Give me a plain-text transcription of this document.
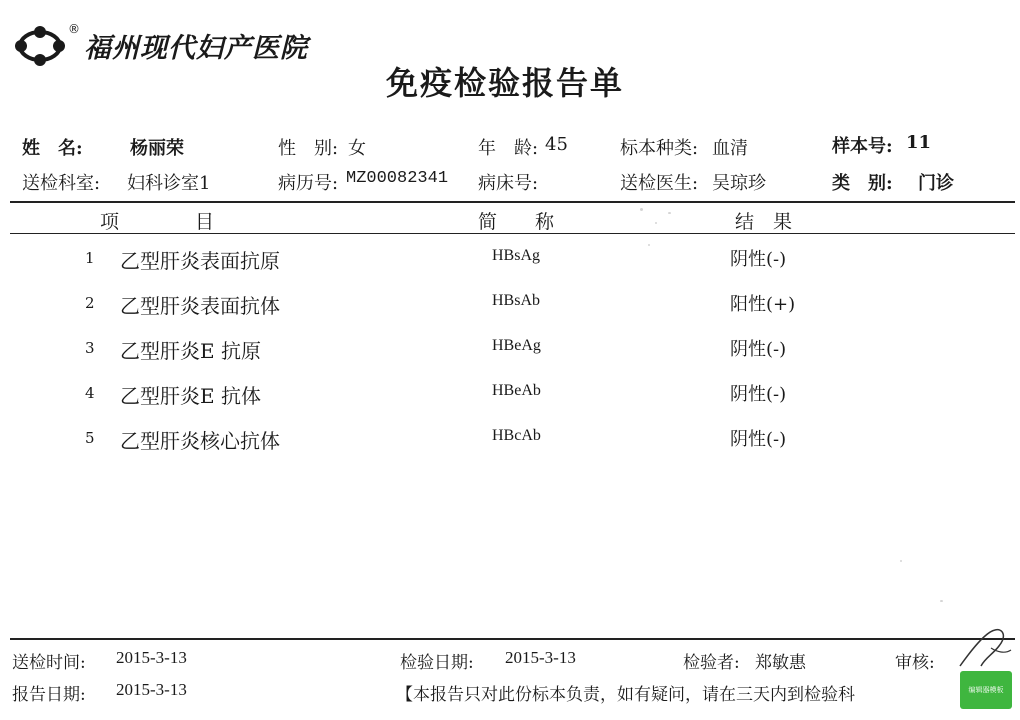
®
福州现代妇产医院
免疫检验报告单
姓　名:	杨丽荣	性　别: 女	年　龄: 45	标本种类: 血清	样本号: 11
送检科室: 妇科诊室1	病历号: MZ00082341 病床号:	送检医生: 吴琼珍	类　别: 门诊
项　　　　目	简　　称	结　果
1 乙型肝炎表面抗原	HBsAg	阴性(-)
2 乙型肝炎表面抗体	HBsAb	阳性(+)
3 乙型肝炎E 抗原	HBeAg	阴性(-)
4 乙型肝炎E 抗体	HBeAb	阴性(-)
5 乙型肝炎核心抗体	HBcAb	阴性(-)
送检时间: 2015-3-13	检验日期: 2015-3-13	检验者: 郑敏惠	审核:
报告日期: 2015-3-13	【本报告只对此份标本负责，如有疑问，请在三天内到检验科	编辑器模板
